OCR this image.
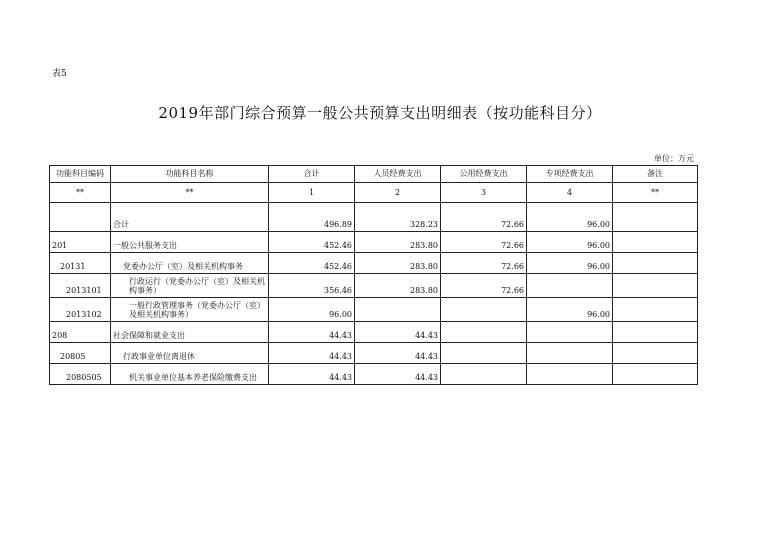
表5
2019年部门综合预算一般公共预算支出明细表（按功能科目分）
单位：万元
功能科目编码	功能科目名称	合计	人员经费支出	公用经费支出	专项经费支出	备注
**	**	1	2	3	4	**
	合计	496.89	328.23	72.66	96.00	
201	一般公共服务支出	452.46	283.80	72.66	96.00	
20131	党委办公厅（室）及相关机构事务	452.46	283.80	72.66	96.00	
2013101	行政运行（党委办公厅（室）及相关机构事务）	356.46	283.80	72.66		
2013102	一般行政管理事务（党委办公厅（室）及相关机构事务）	96.00			96.00	
208	社会保障和就业支出	44.43	44.43			
20805	行政事业单位离退休	44.43	44.43			
2080505	机关事业单位基本养老保险缴费支出	44.43	44.43			
